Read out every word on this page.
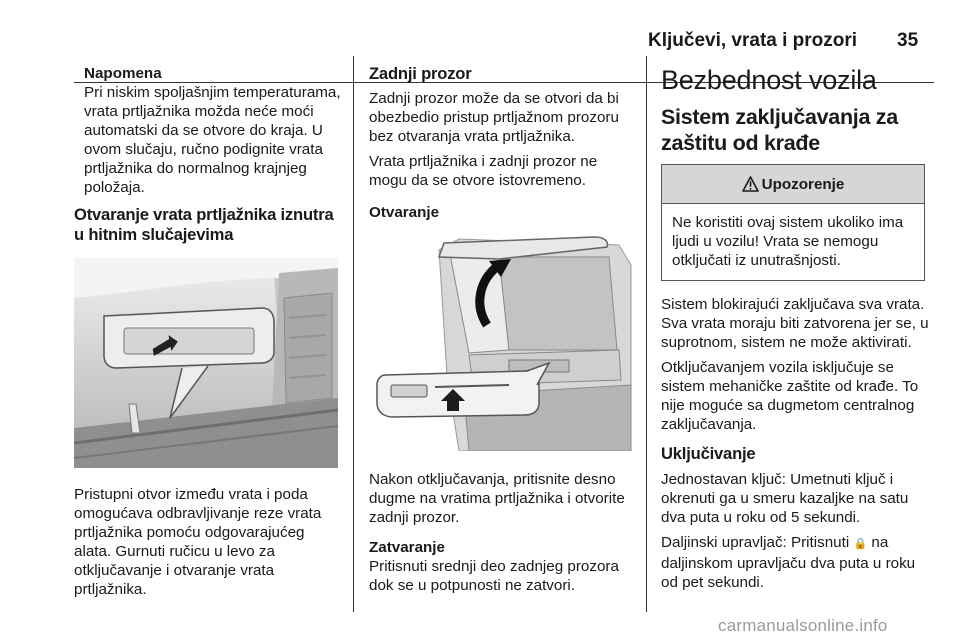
Ključevi, vrata i prozori 35
Napomena
Pri niskim spoljašnjim temperaturama, vrata prtljažnika možda neće moći automatski da se otvore do kraja. U ovom slučaju, ručno podignite vrata prtljažnika do normalnog krajnjeg položaja.
Otvaranje vrata prtljažnika iznutra u hitnim slučajevima
Pristupni otvor između vrata i poda omogućava odbravljivanje reze vrata prtljažnika pomoću odgovarajućeg alata. Gurnuti ručicu u levo za otključavanje i otvaranje vrata prtljažnika.
Zadnji prozor
Zadnji prozor može da se otvori da bi obezbedio pristup prtljažnom prozoru bez otvaranja vrata prtljažnika.
Vrata prtljažnika i zadnji prozor ne mogu da se otvore istovremeno.
Otvaranje
Nakon otključavanja, pritisnite desno dugme na vratima prtljažnika i otvorite zadnji prozor.
Zatvaranje
Pritisnuti srednji deo zadnjeg prozora dok se u potpunosti ne zatvori.
Bezbednost vozila
Sistem zaključavanja za zaštitu od krađe
Upozorenje
Ne koristiti ovaj sistem ukoliko ima ljudi u vozilu! Vrata se nemogu otključati iz unutrašnjosti.
Sistem blokirajući zaključava sva vrata. Sva vrata moraju biti zatvorena jer se, u suprotnom, sistem ne može aktivirati.
Otključavanjem vozila isključuje se sistem mehaničke zaštite od krađe. To nije moguće sa dugmetom centralnog zaključavanja.
Uključivanje
Jednostavan ključ: Umetnuti ključ i okrenuti ga u smeru kazaljke na satu dva puta u roku od 5 sekundi.
Daljinski upravljač: Pritisnuti 🔒 na daljinskom upravljaču dva puta u roku od pet sekundi.
carmanualsonline.info
